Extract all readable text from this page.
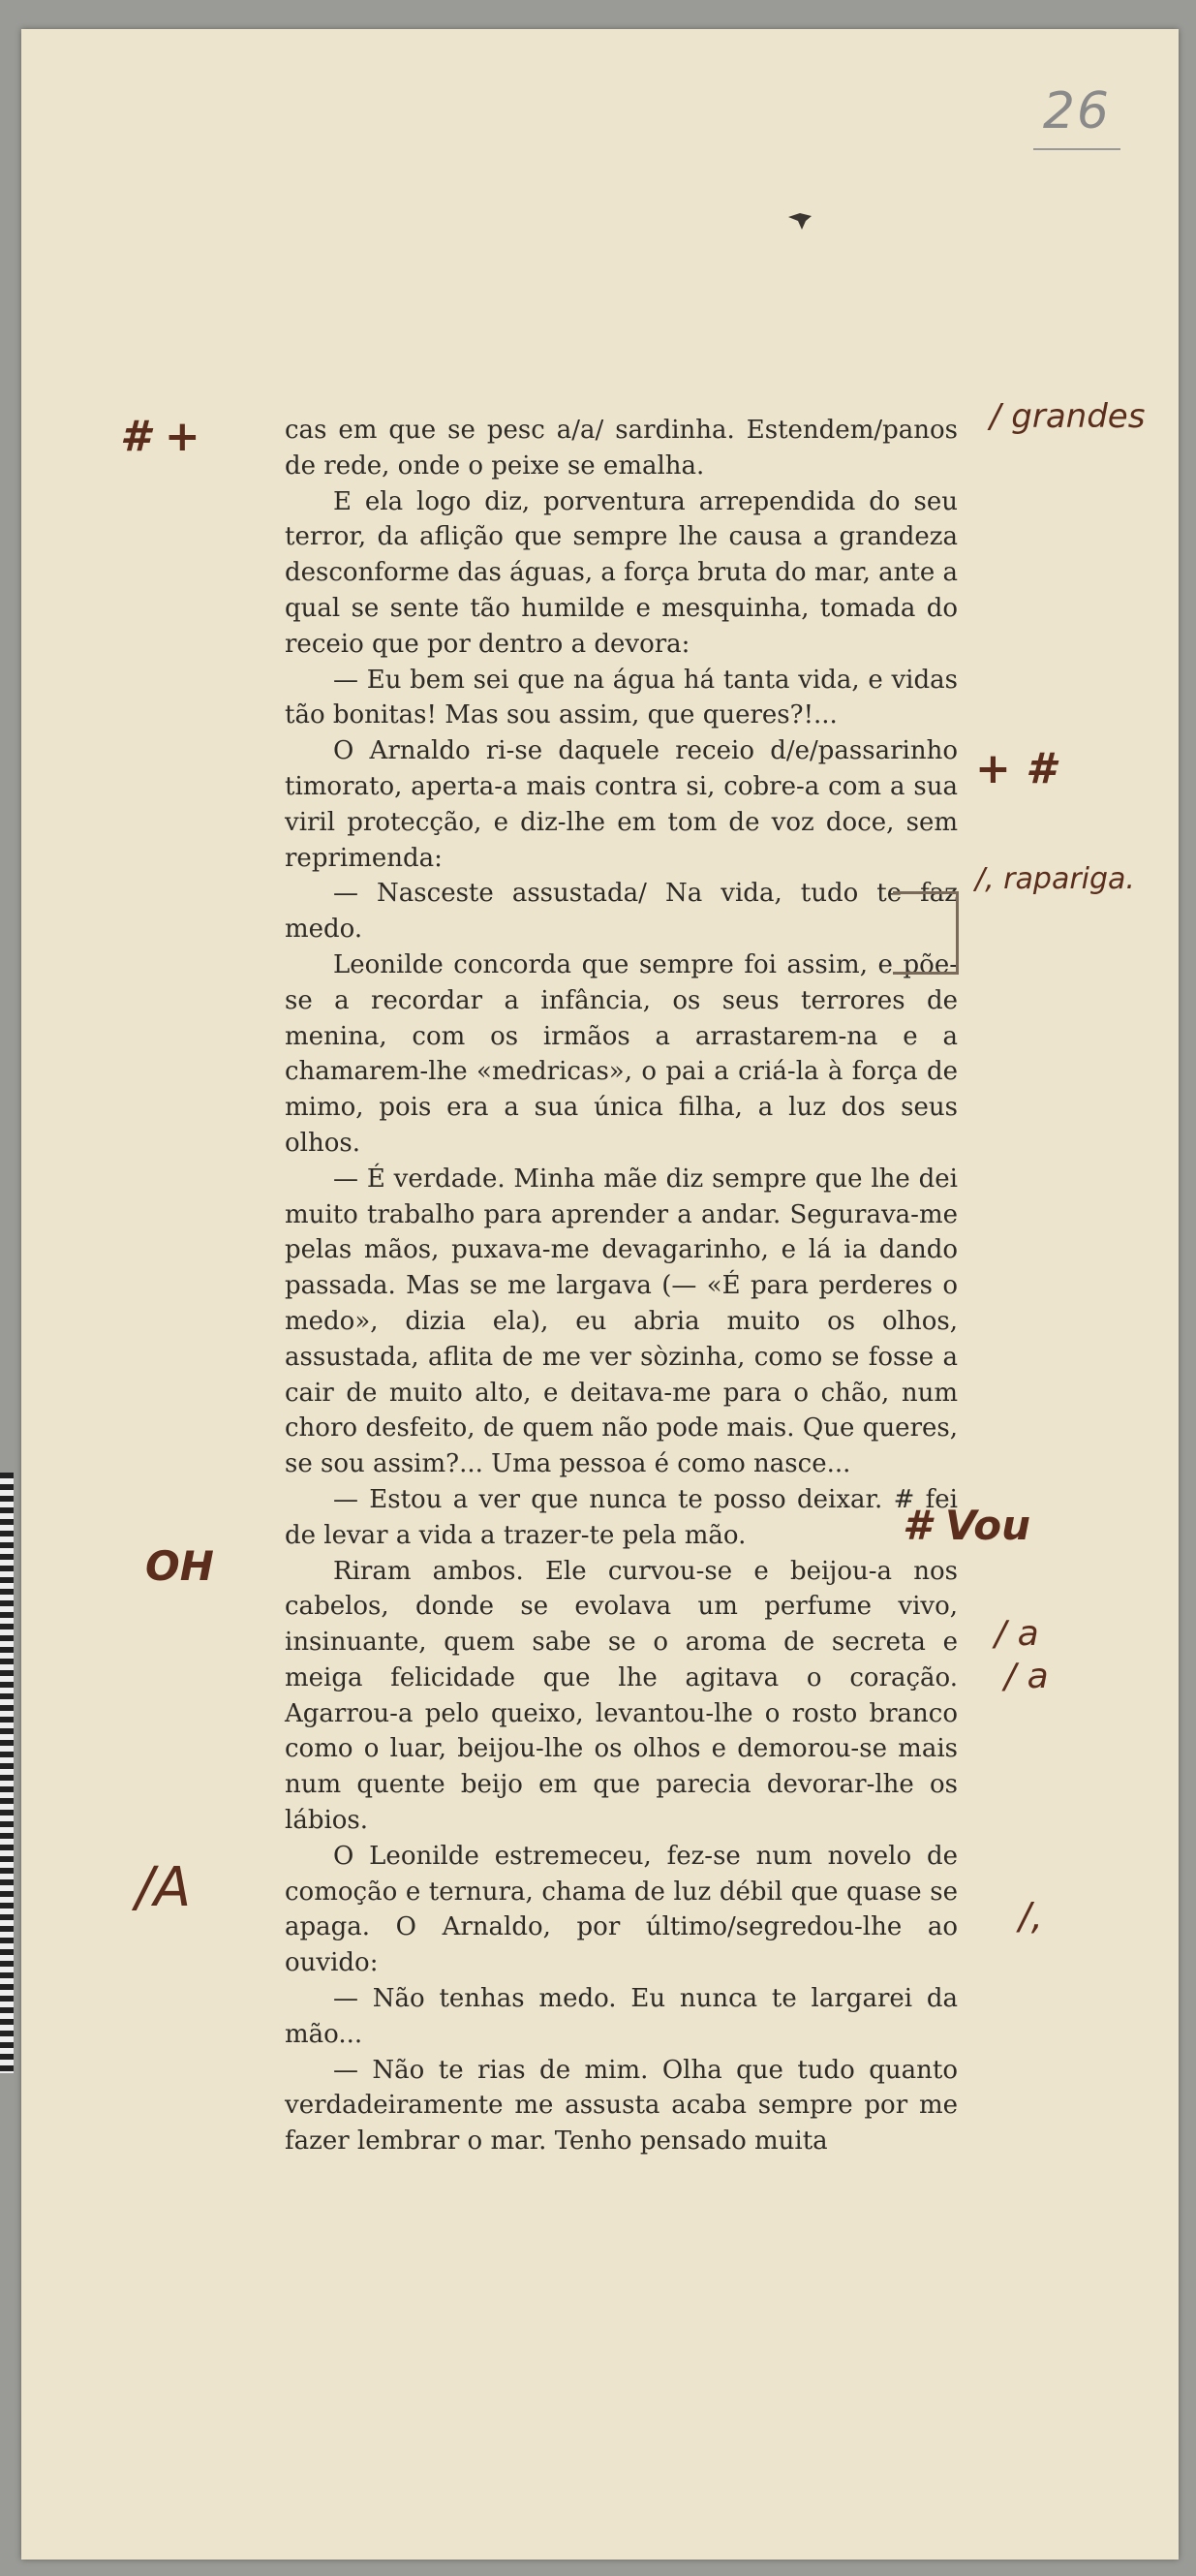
26

cas em que se pesc a/a/ sardinha. Estendem/panos de rede, onde o peixe se emalha.

E ela logo diz, porventura arrependida do seu terror, da aflição que sempre lhe causa a grandeza desconforme das águas, a força bruta do mar, ante a qual se sente tão humilde e mesquinha, tomada do receio que por dentro a devora:

— Eu bem sei que na água há tanta vida, e vidas tão bonitas! Mas sou assim, que queres?!...

O Arnaldo ri-se daquele receio d/e/passarinho timorato, aperta-a mais contra si, cobre-a com a sua viril protecção, e diz-lhe em tom de voz doce, sem reprimenda:

— Nasceste assustada/ Na vida, tudo te faz medo.

Leonilde concorda que sempre foi assim, e põe-se a recordar a infância, os seus terrores de menina, com os irmãos a arrastarem-na e a chamarem-lhe «medricas», o pai a criá-la à força de mimo, pois era a sua única filha, a luz dos seus olhos.

— É verdade. Minha mãe diz sempre que lhe dei muito trabalho para aprender a andar. Segurava-me pelas mãos, puxava-me devagarinho, e lá ia dando passada. Mas se me largava (— «É para perderes o medo», dizia ela), eu abria muito os olhos, assustada, aflita de me ver sòzinha, como se fosse a cair de muito alto, e deitava-me para o chão, num choro desfeito, de quem não pode mais. Que queres, se sou assim?... Uma pessoa é como nasce...

— Estou a ver que nunca te posso deixar. # fei de levar a vida a trazer-te pela mão.

Riram ambos. Ele curvou-se e beijou-a nos cabelos, donde se evolava um perfume vivo, insinuante, quem sabe se o aroma de secreta e meiga felicidade que lhe agitava o coração. Agarrou-a pelo queixo, levantou-lhe o rosto branco como o luar, beijou-lhe os olhos e demorou-se mais num quente beijo em que parecia devorar-lhe os lábios.

O Leonilde estremeceu, fez-se num novelo de comoção e ternura, chama de luz débil que quase se apaga. O Arnaldo, por último/segredou-lhe ao ouvido:

— Não tenhas medo. Eu nunca te largarei da mão...

— Não te rias de mim. Olha que tudo quanto verdadeiramente me assusta acaba sempre por me fazer lembrar o mar. Tenho pensado muita

# +
ОН
/A
/ grandes
+ #
/, rapariga.
# Vou
/ a
/ a
/,
